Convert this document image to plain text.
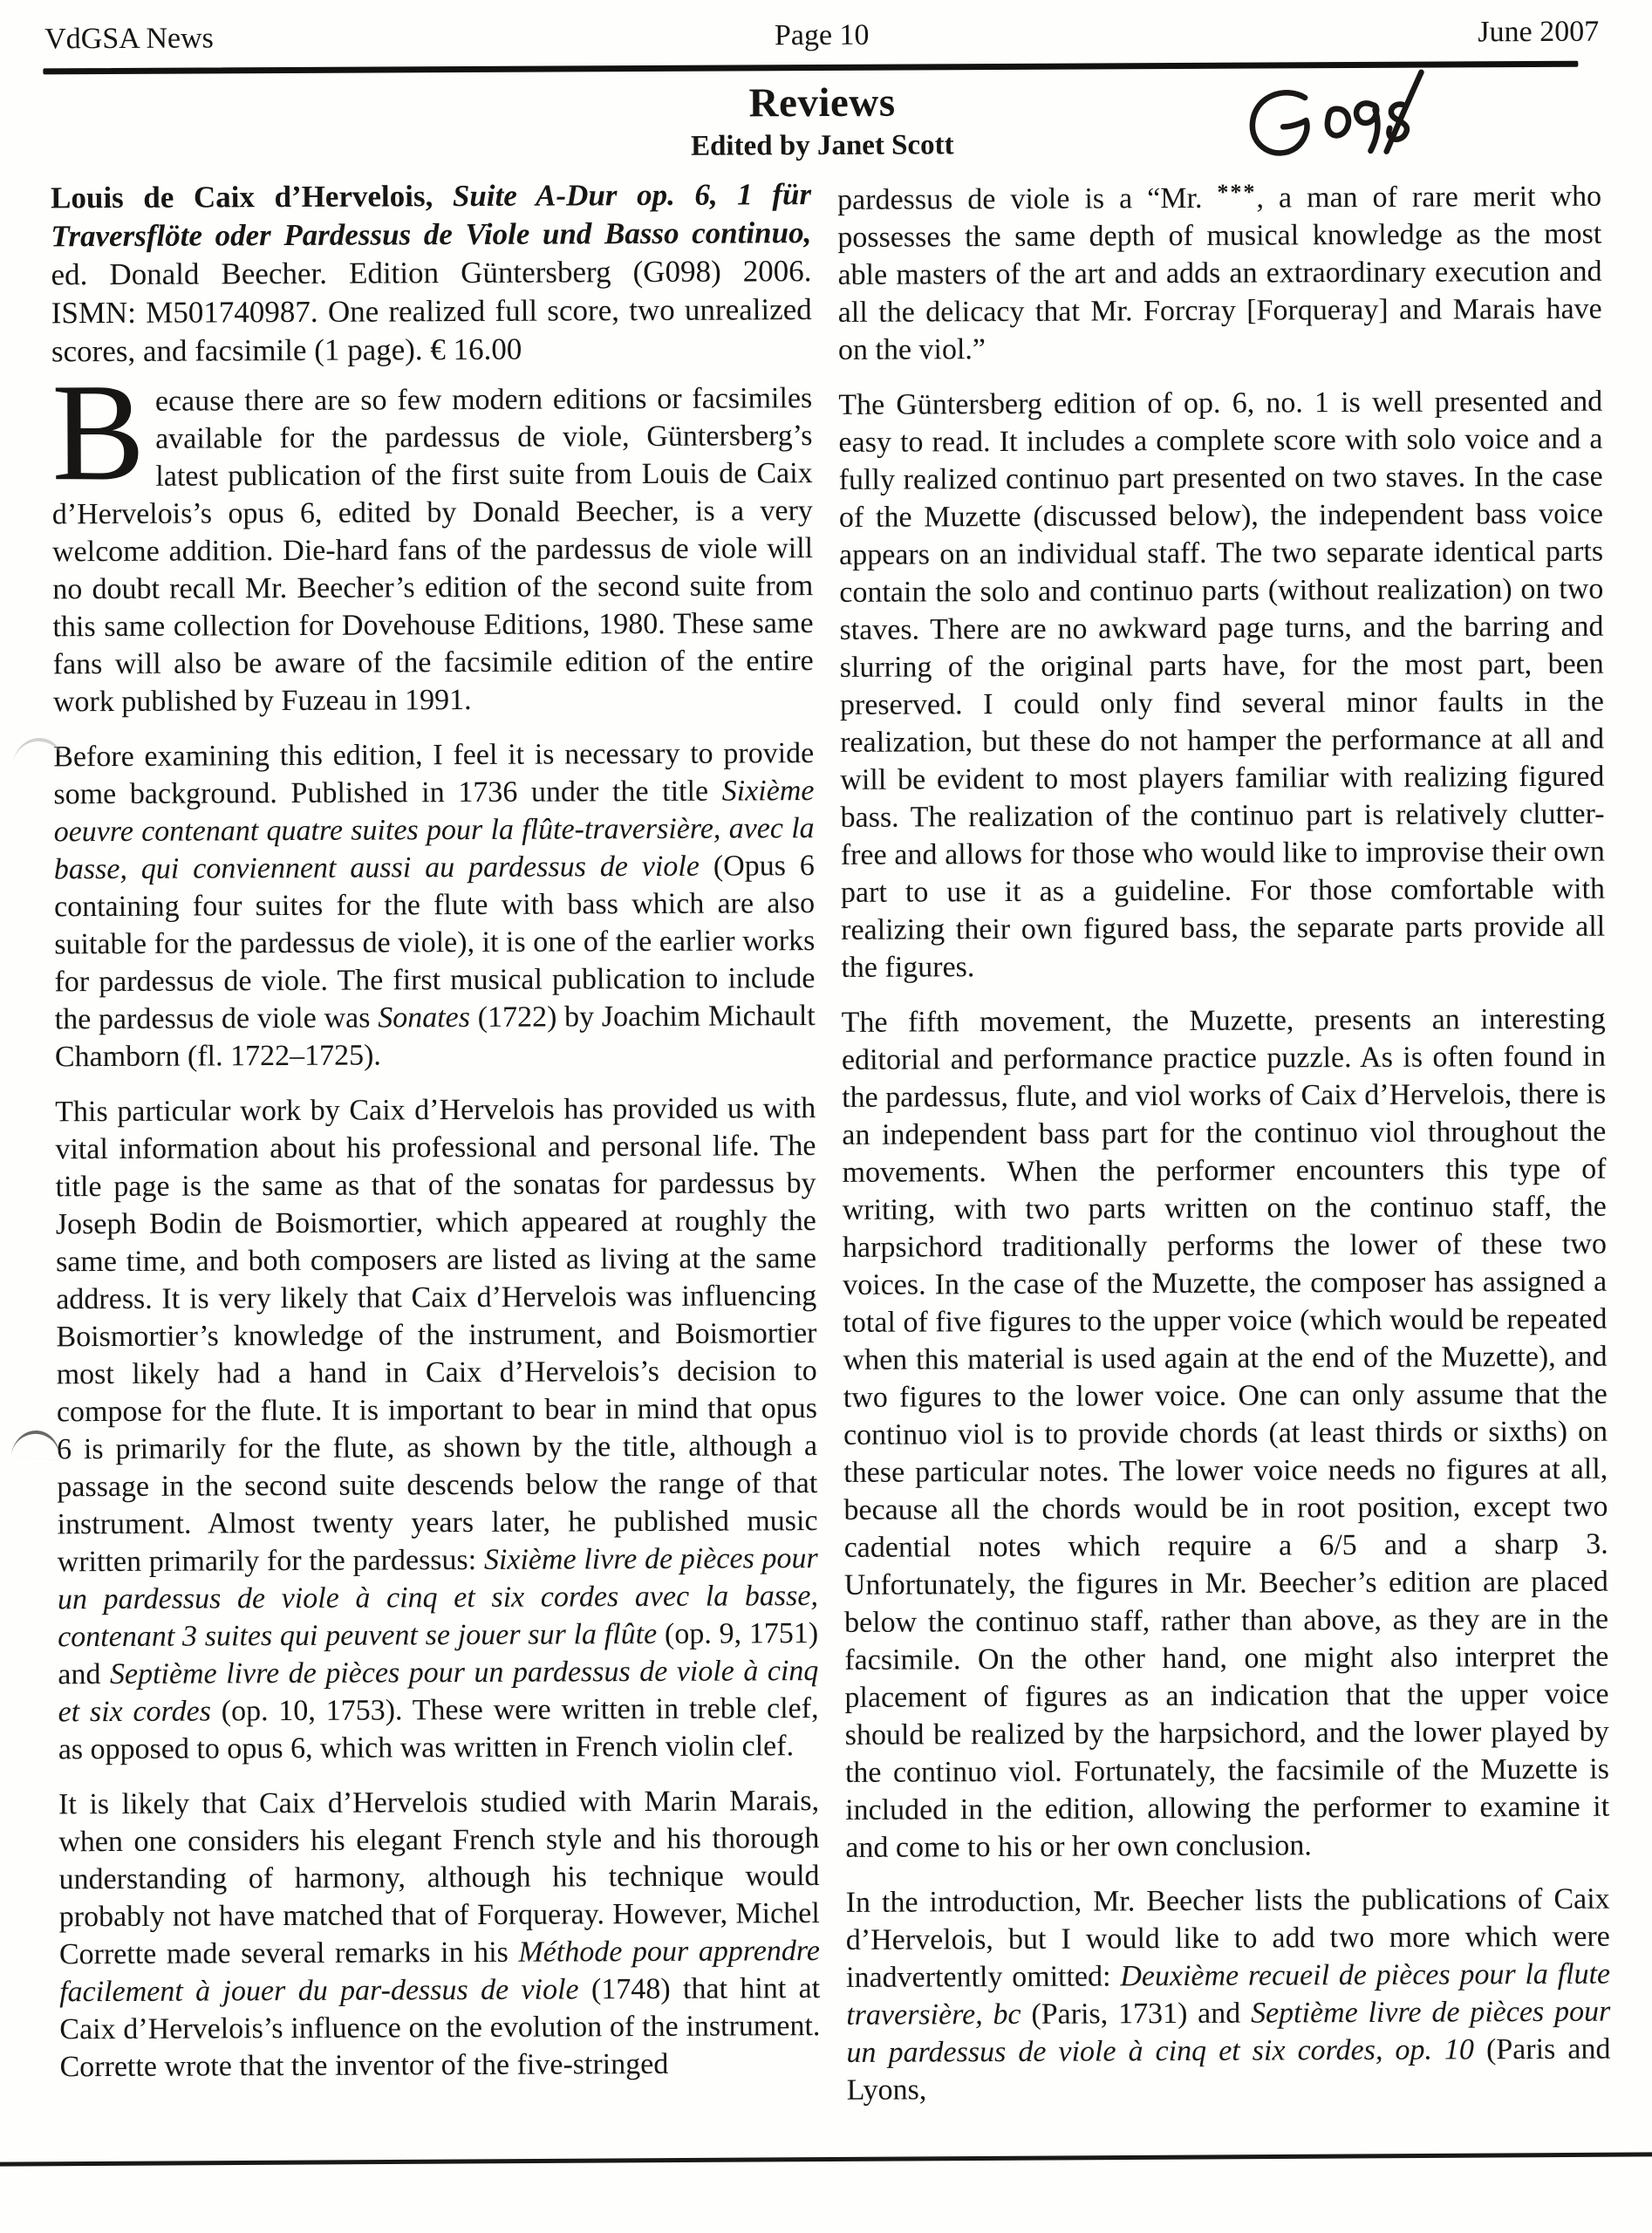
VdGSA News	Page 10	June 2007
Reviews
Edited by Janet Scott

Louis de Caix d’Hervelois, Suite A-Dur op. 6, 1 für Traversflöte oder Pardessus de Viole und Basso continuo, ed. Donald Beecher. Edition Güntersberg (G098) 2006. ISMN: M501740987. One realized full score, two unrealized scores, and facsimile (1 page). € 16.00

Because there are so few modern editions or facsimiles available for the pardessus de viole, Güntersberg’s latest publication of the first suite from Louis de Caix d’Hervelois’s opus 6, edited by Donald Beecher, is a very welcome addition. Die-hard fans of the pardessus de viole will no doubt recall Mr. Beecher’s edition of the second suite from this same collection for Dovehouse Editions, 1980. These same fans will also be aware of the facsimile edition of the entire work published by Fuzeau in 1991.

Before examining this edition, I feel it is necessary to provide some background. Published in 1736 under the title Sixième oeuvre contenant quatre suites pour la flûte-traversière, avec la basse, qui conviennent aussi au pardessus de viole (Opus 6 containing four suites for the flute with bass which are also suitable for the pardessus de viole), it is one of the earlier works for pardessus de viole. The first musical publication to include the pardessus de viole was Sonates (1722) by Joachim Michault Chamborn (fl. 1722–1725).

This particular work by Caix d’Hervelois has provided us with vital information about his professional and personal life. The title page is the same as that of the sonatas for pardessus by Joseph Bodin de Boismortier, which appeared at roughly the same time, and both composers are listed as living at the same address. It is very likely that Caix d’Hervelois was influencing Boismortier’s knowledge of the instrument, and Boismortier most likely had a hand in Caix d’Hervelois’s decision to compose for the flute. It is important to bear in mind that opus 6 is primarily for the flute, as shown by the title, although a passage in the second suite descends below the range of that instrument. Almost twenty years later, he published music written primarily for the pardessus: Sixième livre de pièces pour un pardessus de viole à cinq et six cordes avec la basse, contenant 3 suites qui peuvent se jouer sur la flûte (op. 9, 1751) and Septième livre de pièces pour un pardessus de viole à cinq et six cordes (op. 10, 1753). These were written in treble clef, as opposed to opus 6, which was written in French violin clef.

It is likely that Caix d’Hervelois studied with Marin Marais, when one considers his elegant French style and his thorough understanding of harmony, although his technique would probably not have matched that of Forqueray. However, Michel Corrette made several remarks in his Méthode pour apprendre facilement à jouer du par-dessus de viole (1748) that hint at Caix d’Hervelois’s influence on the evolution of the instrument. Corrette wrote that the inventor of the five-stringed

pardessus de viole is a “Mr. ***, a man of rare merit who possesses the same depth of musical knowledge as the most able masters of the art and adds an extraordinary execution and all the delicacy that Mr. Forcray [Forqueray] and Marais have on the viol.”

The Güntersberg edition of op. 6, no. 1 is well presented and easy to read. It includes a complete score with solo voice and a fully realized continuo part presented on two staves. In the case of the Muzette (discussed below), the independent bass voice appears on an individual staff. The two separate identical parts contain the solo and continuo parts (without realization) on two staves. There are no awkward page turns, and the barring and slurring of the original parts have, for the most part, been preserved. I could only find several minor faults in the realization, but these do not hamper the performance at all and will be evident to most players familiar with realizing figured bass. The realization of the continuo part is relatively clutter-free and allows for those who would like to improvise their own part to use it as a guideline. For those comfortable with realizing their own figured bass, the separate parts provide all the figures.

The fifth movement, the Muzette, presents an interesting editorial and performance practice puzzle. As is often found in the pardessus, flute, and viol works of Caix d’Hervelois, there is an independent bass part for the continuo viol throughout the movements. When the performer encounters this type of writing, with two parts written on the continuo staff, the harpsichord traditionally performs the lower of these two voices. In the case of the Muzette, the composer has assigned a total of five figures to the upper voice (which would be repeated when this material is used again at the end of the Muzette), and two figures to the lower voice. One can only assume that the continuo viol is to provide chords (at least thirds or sixths) on these particular notes. The lower voice needs no figures at all, because all the chords would be in root position, except two cadential notes which require a 6/5 and a sharp 3. Unfortunately, the figures in Mr. Beecher’s edition are placed below the continuo staff, rather than above, as they are in the facsimile. On the other hand, one might also interpret the placement of figures as an indication that the upper voice should be realized by the harpsichord, and the lower played by the continuo viol. Fortunately, the facsimile of the Muzette is included in the edition, allowing the performer to examine it and come to his or her own conclusion.

In the introduction, Mr. Beecher lists the publications of Caix d’Hervelois, but I would like to add two more which were inadvertently omitted: Deuxième recueil de pièces pour la flute traversière, bc (Paris, 1731) and Septième livre de pièces pour un pardessus de viole à cinq et six cordes, op. 10 (Paris and Lyons,
